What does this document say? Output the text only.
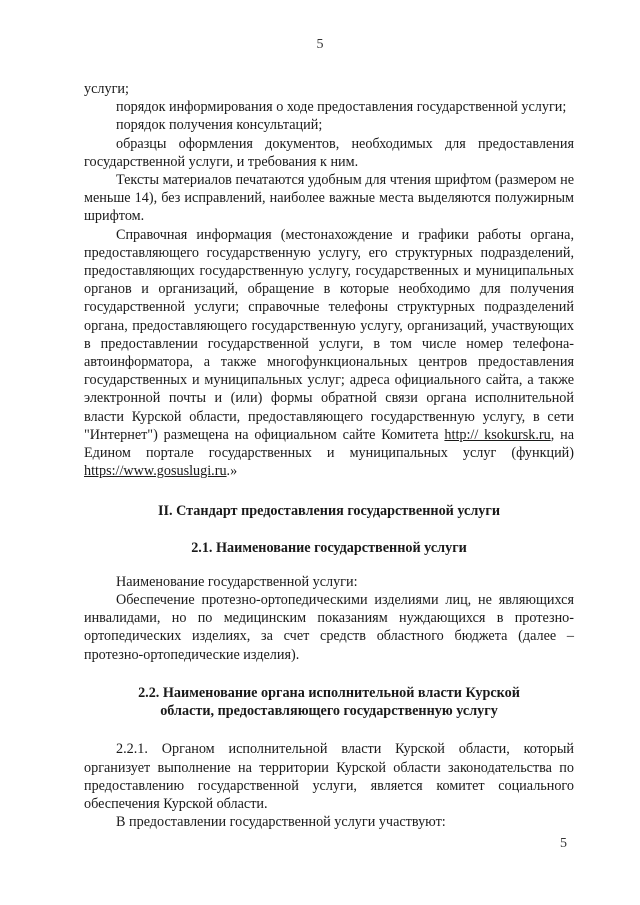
5

услуги;

порядок информирования о ходе предоставления государственной услуги;

порядок получения консультаций;

образцы оформления документов, необходимых для предоставления государственной услуги, и требования к ним.

Тексты материалов печатаются удобным для чтения шрифтом (размером не меньше 14), без исправлений, наиболее важные места выделяются полужирным шрифтом.

Справочная информация (местонахождение и графики работы органа, предоставляющего государственную услугу, его структурных подразделений, предоставляющих государственную услугу, государственных и муниципальных органов и организаций, обращение в которые необходимо для получения государственной услуги; справочные телефоны структурных подразделений органа, предоставляющего государственную услугу, организаций, участвующих в предоставлении государственной услуги, в том числе номер телефона-автоинформатора, а также многофункциональных центров предоставления государственных и муниципальных услуг; адреса официального сайта, а также электронной почты и (или) формы обратной связи органа исполнительной власти Курской области, предоставляющего государственную услугу, в сети "Интернет") размещена на официальном сайте Комитета http:// ksokursk.ru, на Едином портале государственных и муниципальных услуг (функций) https://www.gosuslugi.ru.»

II. Стандарт предоставления государственной услуги

2.1. Наименование государственной услуги

Наименование государственной услуги:

Обеспечение протезно-ортопедическими изделиями лиц, не являющихся инвалидами, но по медицинским показаниям нуждающихся в протезно-ортопедических изделиях, за счет средств областного бюджета (далее – протезно-ортопедические изделия).

2.2. Наименование органа исполнительной власти Курской

области, предоставляющего государственную услугу

2.2.1. Органом исполнительной власти Курской области, который организует выполнение на территории Курской области законодательства по предоставлению государственной услуги, является комитет социального обеспечения Курской области.

В предоставлении государственной услуги участвуют:

5
